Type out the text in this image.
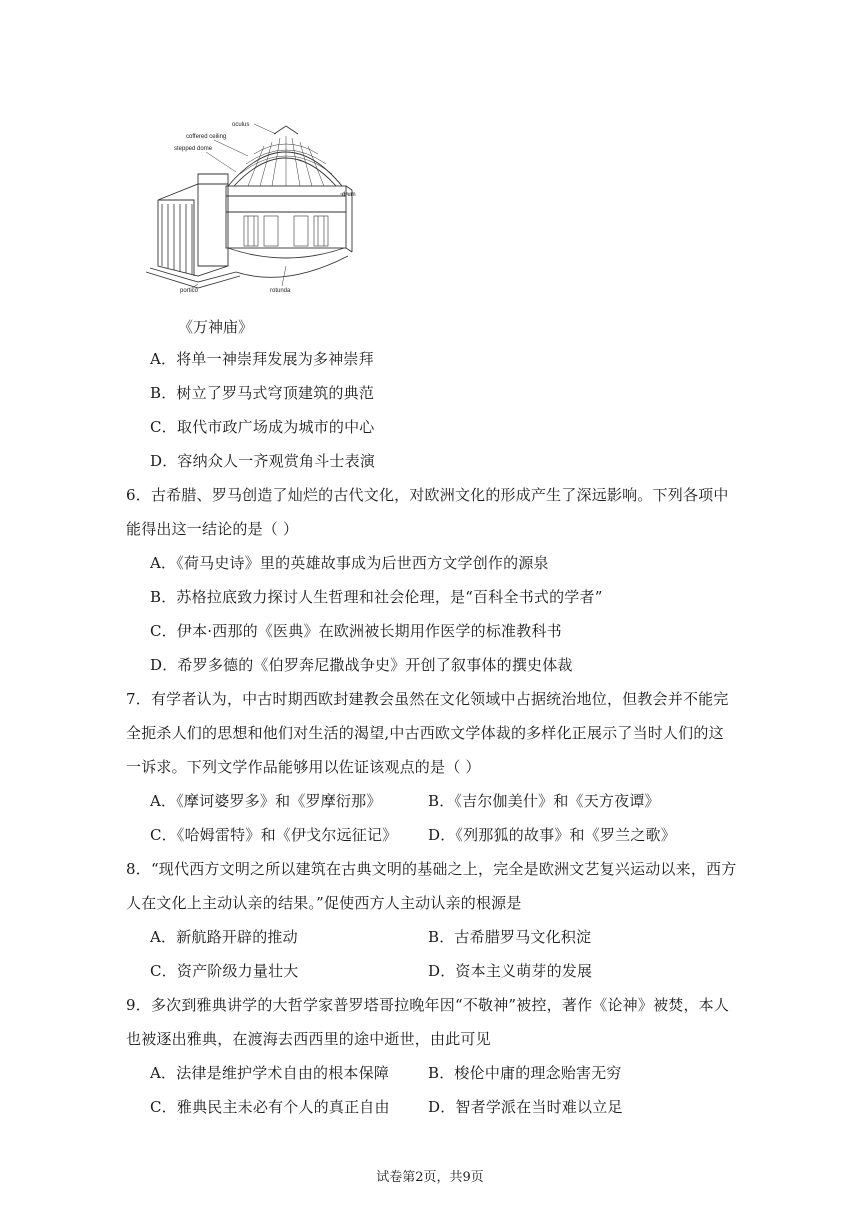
oculus
coffered ceiling
stepped dome
drum
portico	rotunda
《万神庙》
A．将单一神崇拜发展为多神崇拜
B．树立了罗马式穹顶建筑的典范
C．取代市政广场成为城市的中心
D．容纳众人一齐观赏角斗士表演
6．古希腊、罗马创造了灿烂的古代文化，对欧洲文化的形成产生了深远影响。下列各项中
能得出这一结论的是（ ）
A．《荷马史诗》里的英雄故事成为后世西方文学创作的源泉
B．苏格拉底致力探讨人生哲理和社会伦理，是“百科全书式的学者”
C．伊本·西那的《医典》在欧洲被长期用作医学的标准教科书
D．希罗多德的《伯罗奔尼撒战争史》开创了叙事体的撰史体裁
7．有学者认为，中古时期西欧封建教会虽然在文化领域中占据统治地位，但教会并不能完
全扼杀人们的思想和他们对生活的渴望,中古西欧文学体裁的多样化正展示了当时人们的这
一诉求。下列文学作品能够用以佐证该观点的是（ ）
A．《摩诃婆罗多》和《罗摩衍那》	B．《吉尔伽美什》和《天方夜谭》
C．《哈姆雷特》和《伊戈尔远征记》 D．《列那狐的故事》和《罗兰之歌》
8．“现代西方文明之所以建筑在古典文明的基础之上，完全是欧洲文艺复兴运动以来，西方
人在文化上主动认亲的结果。”促使西方人主动认亲的根源是
A．新航路开辟的推动	B．古希腊罗马文化积淀
C．资产阶级力量壮大	D．资本主义萌芽的发展
9．多次到雅典讲学的大哲学家普罗塔哥拉晚年因“不敬神”被控，著作《论神》被焚，本人
也被逐出雅典，在渡海去西西里的途中逝世，由此可见
A．法律是维护学术自由的根本保障	B．梭伦中庸的理念贻害无穷
C．雅典民主未必有个人的真正自由	D．智者学派在当时难以立足
试卷第2页，共9页
